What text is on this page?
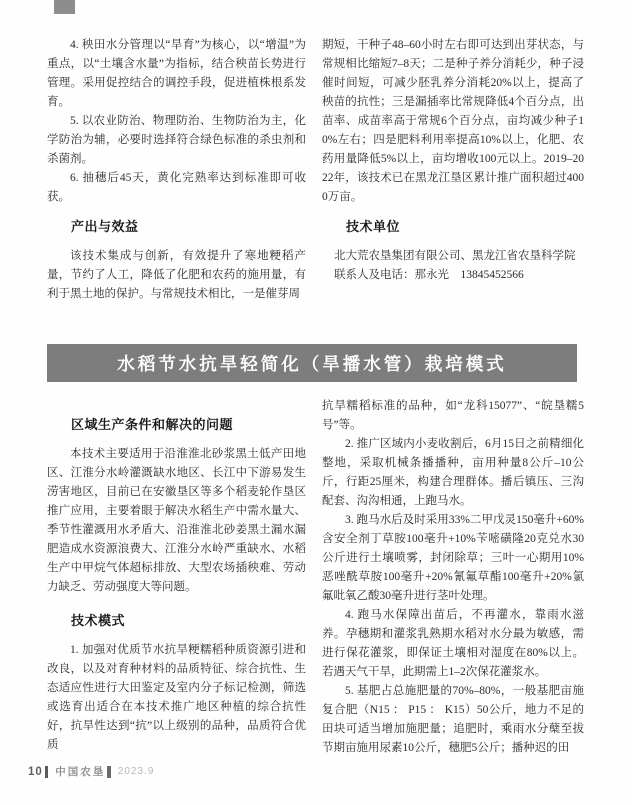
4. 秧田水分管理以“旱育”为核心，以“增温”为重点，以“土壤含水量”为指标，结合秧苗长势进行管理。采用促控结合的调控手段，促进植株根系发育。

5. 以农业防治、物理防治、生物防治为主，化学防治为辅，必要时选择符合绿色标准的杀虫剂和杀菌剂。

6. 抽穗后45天，黄化完熟率达到标准即可收获。

产出与效益

该技术集成与创新，有效提升了寒地粳稻产量，节约了人工，降低了化肥和农药的施用量，有利于黑土地的保护。与常规技术相比，一是催芽周

期短，干种子48–60小时左右即可达到出芽状态，与常规相比缩短7–8天；二是种子养分消耗少，种子浸催时间短，可减少胚乳养分消耗20%以上，提高了秧苗的抗性；三是漏插率比常规降低4个百分点，出苗率、成苗率高于常规6个百分点，亩均减少种子10%左右；四是肥料利用率提高10%以上，化肥、农药用量降低5%以上，亩均增收100元以上。2019–2022年，该技术已在黑龙江垦区累计推广面积超过4000万亩。

技术单位

北大荒农垦集团有限公司、黑龙江省农垦科学院

联系人及电话：那永光　13845452566

水稻节水抗旱轻简化（旱播水管）栽培模式
区域生产条件和解决的问题

本技术主要适用于沿淮淮北砂浆黑土低产田地区、江淮分水岭灌溉缺水地区、长江中下游易发生涝害地区，目前已在安徽垦区等多个稻麦轮作垦区推广应用，主要着眼于解决水稻生产中需水量大、季节性灌溉用水矛盾大、沿淮淮北砂姜黑土漏水漏肥造成水资源浪费大、江淮分水岭严重缺水、水稻生产中甲烷气体超标排放、大型农场插秧难、劳动力缺乏、劳动强度大等问题。

技术模式

1. 加强对优质节水抗旱粳糯稻种质资源引进和改良，以及对育种材料的品质特征、综合抗性、生态适应性进行大田鉴定及室内分子标记检测，筛选或选育出适合在本技术推广地区种植的综合抗性好，抗旱性达到“抗”以上级别的品种，品质符合优质

抗旱糯稻标准的品种，如“龙科15077”、“皖垦糯5号”等。

2. 推广区域内小麦收割后，6月15日之前精细化整地，采取机械条播播种，亩用种量8公斤–10公斤，行距25厘米，构建合理群体。播后镇压、三沟配套、沟沟相通，上跑马水。

3. 跑马水后及时采用33%二甲戊灵150毫升+60%含安全剂丁草胺100毫升+10%苄嘧磺隆20克兑水30公斤进行土壤喷雾，封闭除草；三叶一心期用10%恶唑酰草胺100毫升+20%氰氟草酯100毫升+20%氯氟吡氧乙酸30毫升进行茎叶处理。

4. 跑马水保障出苗后，不再灌水，靠雨水滋养。孕穗期和灌浆乳熟期水稻对水分最为敏感，需进行保花灌浆，即保证土壤相对湿度在80%以上。若遇天气干旱，此期需上1–2次保花灌浆水。

5. 基肥占总施肥量的70%–80%，一般基肥亩施复合肥（N15 ： P15 ： K15）50公斤，地力不足的田块可适当增加施肥量；追肥时，乘雨水分蘖至拔节期亩施用尿素10公斤，穗肥5公斤；播种迟的田

10 中国农垦 2023.9
